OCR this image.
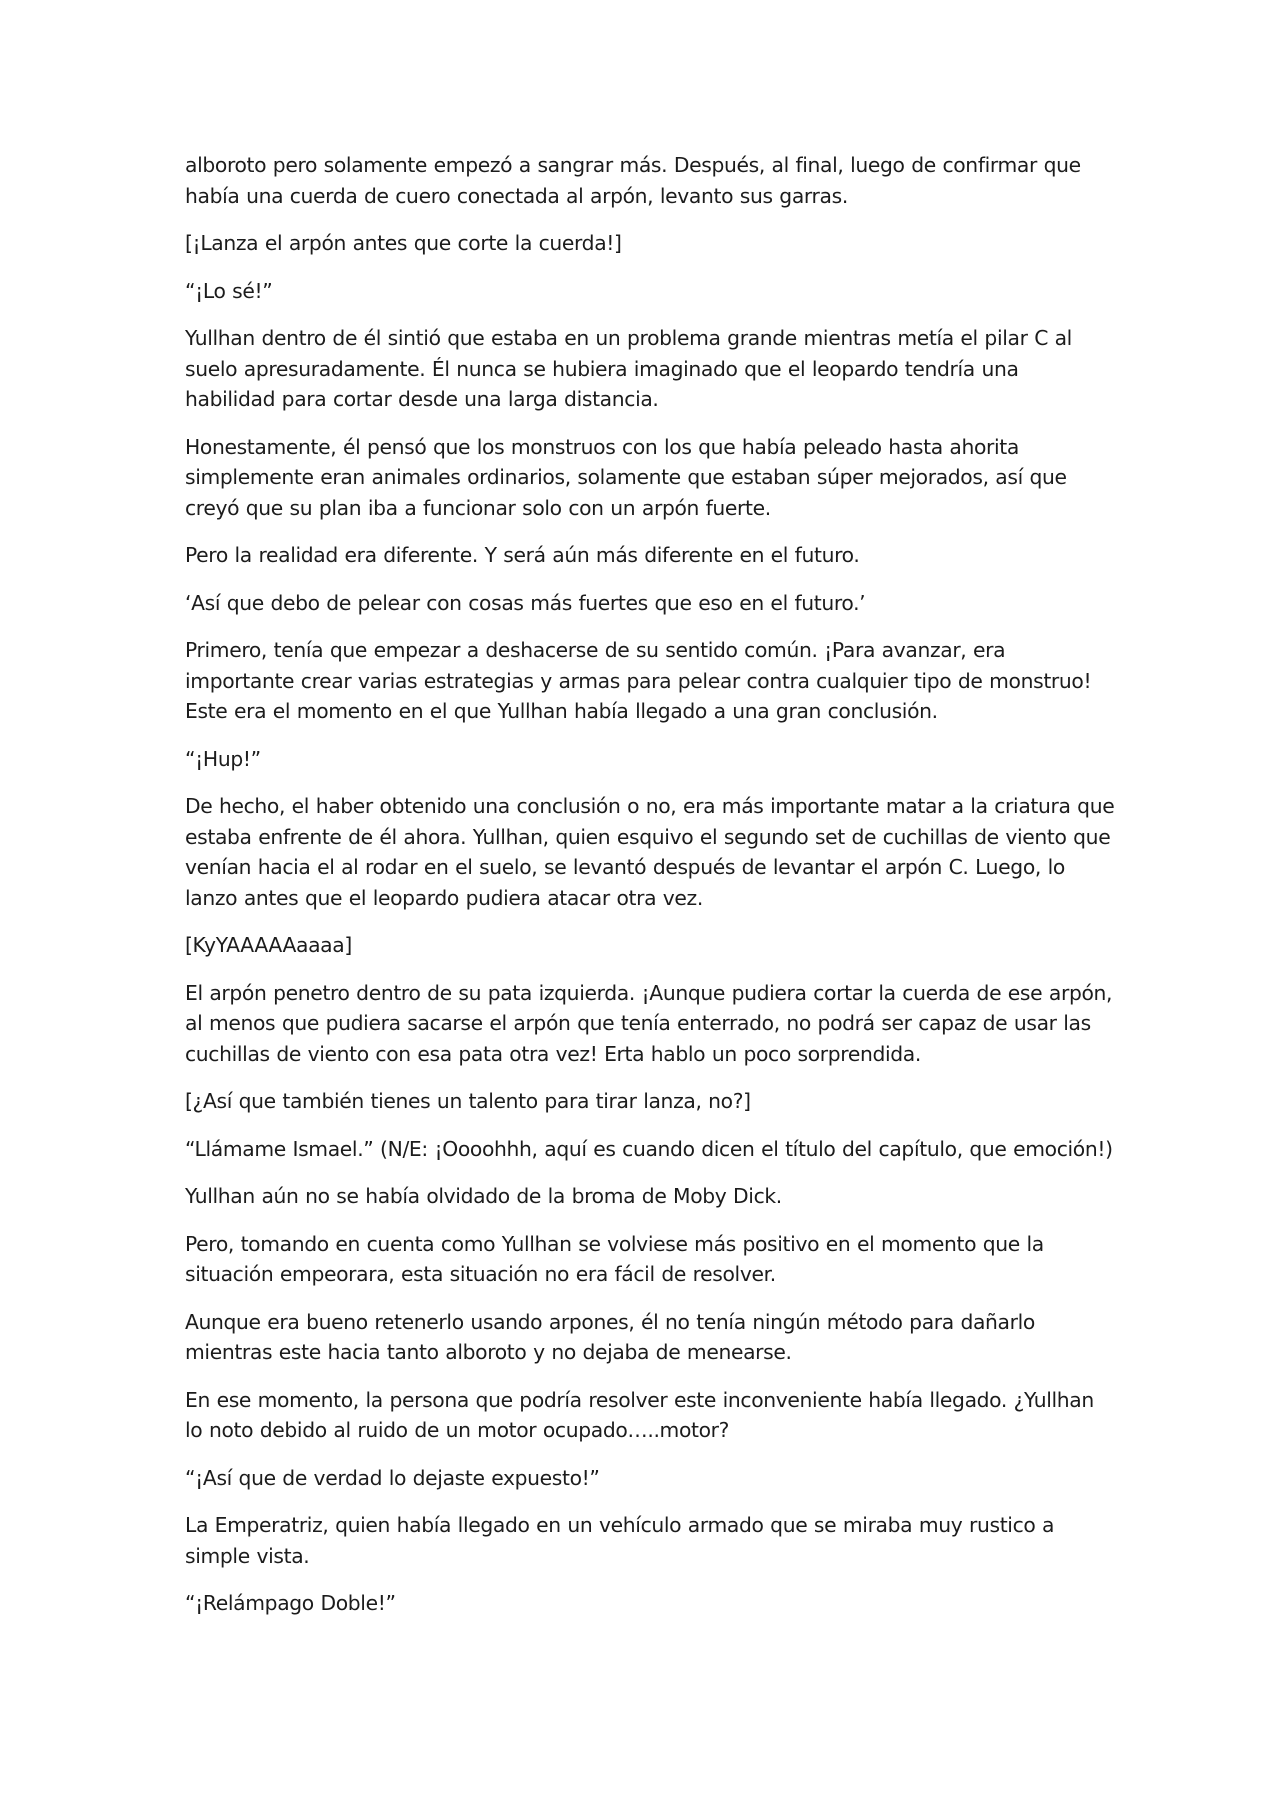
alboroto pero solamente empezó a sangrar más. Después, al final, luego de confirmar que había una cuerda de cuero conectada al arpón, levanto sus garras.

[¡Lanza el arpón antes que corte la cuerda!]

“¡Lo sé!”

Yullhan dentro de él sintió que estaba en un problema grande mientras metía el pilar C al suelo apresuradamente. Él nunca se hubiera imaginado que el leopardo tendría una habilidad para cortar desde una larga distancia.

Honestamente, él pensó que los monstruos con los que había peleado hasta ahorita simplemente eran animales ordinarios, solamente que estaban súper mejorados, así que creyó que su plan iba a funcionar solo con un arpón fuerte.

Pero la realidad era diferente. Y será aún más diferente en el futuro.

‘Así que debo de pelear con cosas más fuertes que eso en el futuro.’

Primero, tenía que empezar a deshacerse de su sentido común. ¡Para avanzar, era importante crear varias estrategias y armas para pelear contra cualquier tipo de monstruo! Este era el momento en el que Yullhan había llegado a una gran conclusión.

“¡Hup!”

De hecho, el haber obtenido una conclusión o no, era más importante matar a la criatura que estaba enfrente de él ahora. Yullhan, quien esquivo el segundo set de cuchillas de viento que venían hacia el al rodar en el suelo, se levantó después de levantar el arpón C. Luego, lo lanzo antes que el leopardo pudiera atacar otra vez.

[KyYAAAAAaaaa]

El arpón penetro dentro de su pata izquierda. ¡Aunque pudiera cortar la cuerda de ese arpón, al menos que pudiera sacarse el arpón que tenía enterrado, no podrá ser capaz de usar las cuchillas de viento con esa pata otra vez! Erta hablo un poco sorprendida.

[¿Así que también tienes un talento para tirar lanza, no?]

“Llámame Ismael.” (N/E: ¡Oooohhh, aquí es cuando dicen el título del capítulo, que emoción!)

Yullhan aún no se había olvidado de la broma de Moby Dick.

Pero, tomando en cuenta como Yullhan se volviese más positivo en el momento que la situación empeorara, esta situación no era fácil de resolver.

Aunque era bueno retenerlo usando arpones, él no tenía ningún método para dañarlo mientras este hacia tanto alboroto y no dejaba de menearse.

En ese momento, la persona que podría resolver este inconveniente había llegado. ¿Yullhan lo noto debido al ruido de un motor ocupado…..motor?

“¡Así que de verdad lo dejaste expuesto!”

La Emperatriz, quien había llegado en un vehículo armado que se miraba muy rustico a simple vista.

“¡Relámpago Doble!”
